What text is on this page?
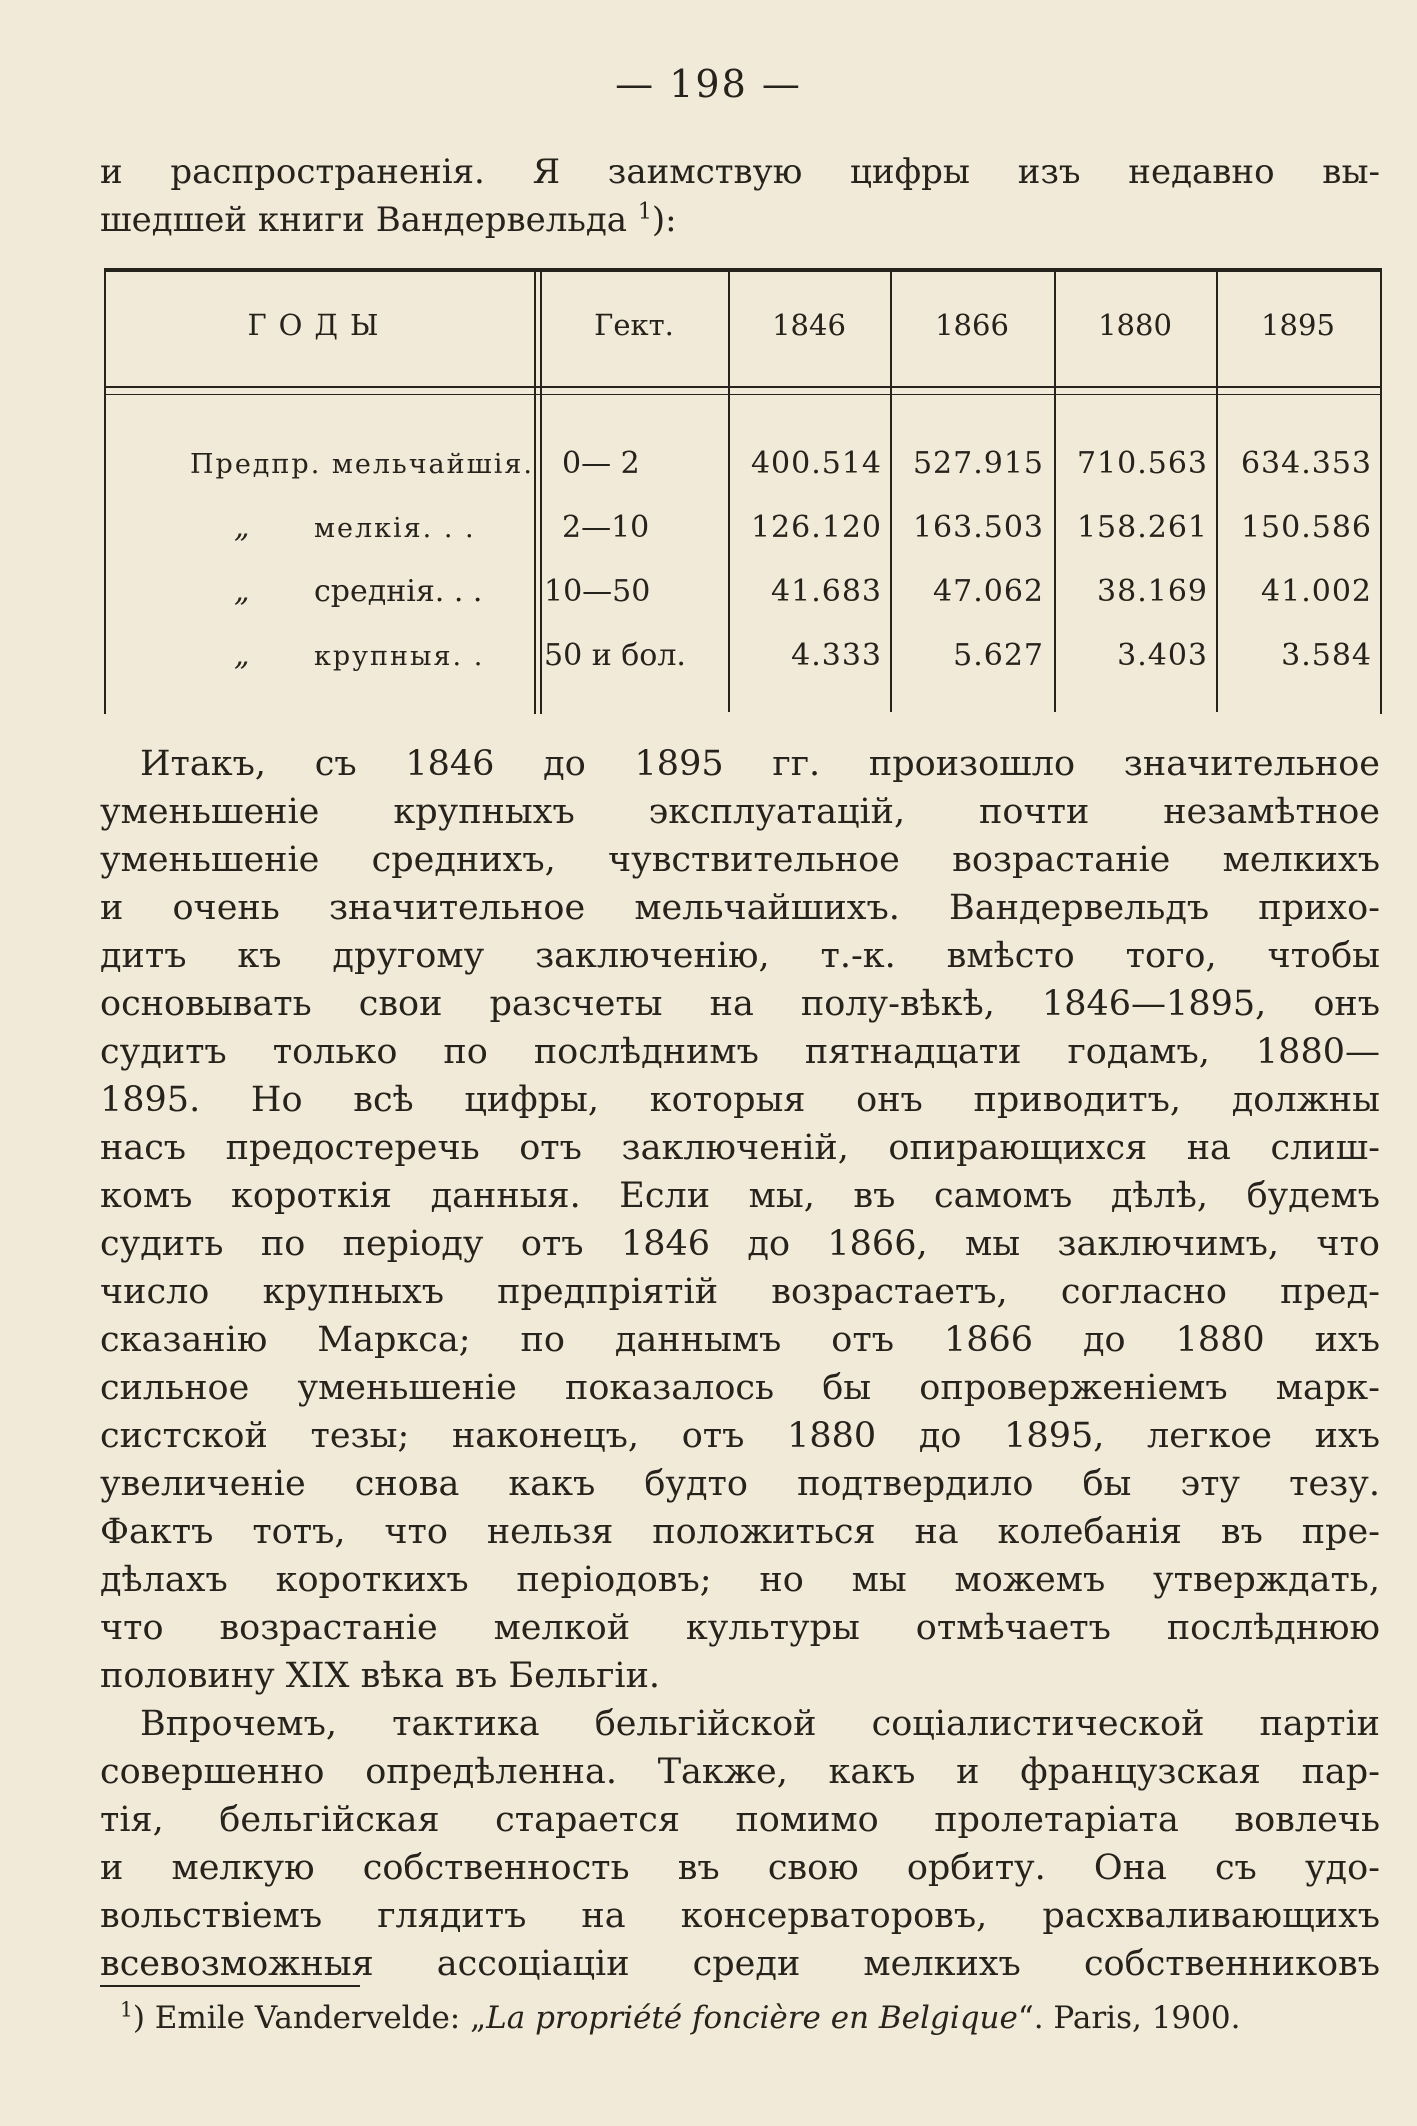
— 198 —
и распространенія. Я заимствую цифры изъ недавно вы-
шедшей книги Вандервельда $^1$):
ГОДЫ	Гект.	1846	1866	1880	1895
Предпр. мельчайшія. 0— 2	400.514	527.915	710.563	634.353
„ мелкія. . .	2—10	126.120	163.503	158.261	150.586
„ среднія. . .	10—50	41.683	47.062	38.169	41.002
„ крупныя. .	50 и бол.	4.333	5.627	3.403	3.584
Итакъ, съ 1846 до 1895 гг. произошло значительное
уменьшеніе крупныхъ эксплуатацій, почти незамѣтное
уменьшеніе среднихъ, чувствительное возрастаніе мелкихъ
и очень значительное мельчайшихъ. Вандервельдъ прихо-
дитъ къ другому заключенію, т.-к. вмѣсто того, чтобы
основывать свои разсчеты на полу-вѣкѣ, 1846—1895, онъ
судитъ только по послѣднимъ пятнадцати годамъ, 1880—
1895. Но всѣ цифры, которыя онъ приводитъ, должны
насъ предостеречь отъ заключеній, опирающихся на слиш-
комъ короткія данныя. Если мы, въ самомъ дѣлѣ, будемъ
судить по періоду отъ 1846 до 1866, мы заключимъ, что
число крупныхъ предпріятій возрастаетъ, согласно пред-
сказанію Маркса; по даннымъ отъ 1866 до 1880 ихъ
сильное уменьшеніе показалось бы опроверженіемъ марк-
систской тезы; наконецъ, отъ 1880 до 1895, легкое ихъ
увеличеніе снова какъ будто подтвердило бы эту тезу.
Фактъ тотъ, что нельзя положиться на колебанія въ пре-
дѣлахъ короткихъ періодовъ; но мы можемъ утверждать,
что возрастаніе мелкой культуры отмѣчаетъ послѣднюю
половину XIX вѣка въ Бельгіи.
Впрочемъ, тактика бельгійской соціалистической партіи
совершенно опредѣленна. Также, какъ и французская пар-
тія, бельгійская старается помимо пролетаріата вовлечь
и мелкую собственность въ свою орбиту. Она съ удо-
вольствіемъ глядитъ на консерваторовъ, расхваливающихъ
всевозможныя ассоціаціи среди мелкихъ собственниковъ
$^1$) Emile Vandervelde: „La propriété foncière en Belgique“. Paris, 1900.
